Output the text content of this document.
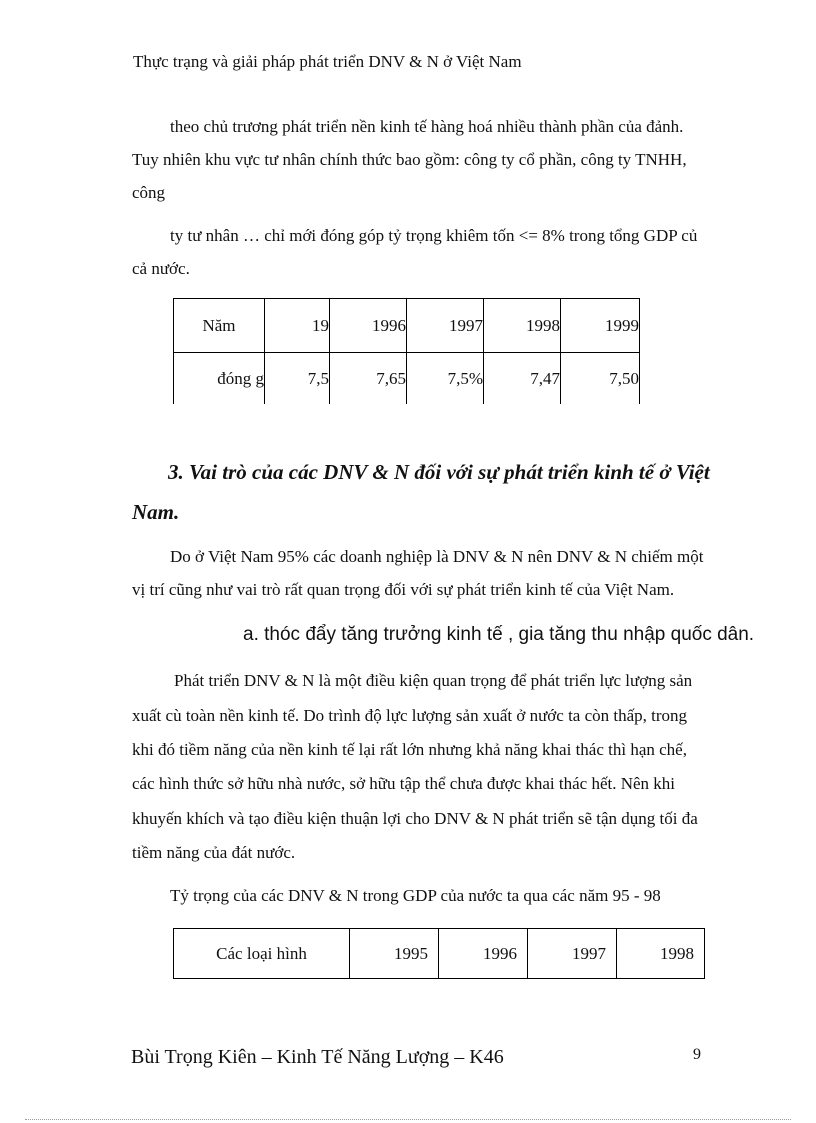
Thực trạng và giải pháp phát triển DNV & N ở Việt Nam
theo chủ trương phát triển nền kinh tế hàng hoá nhiều thành phần của đảnh.
Tuy nhiên khu vực tư nhân chính thức bao gồm: công ty cổ phần, công ty TNHH,
công
ty tư nhân … chỉ mới đóng góp tỷ trọng khiêm tốn <= 8% trong tổng GDP củ
cả nước.
Năm	19	1996	1997	1998	1999
đóng g	7,5	7,65	7,5%	7,47	7,50
3. Vai trò của các DNV & N đối với sự phát triển kinh tế ở Việt
Nam.
Do ở Việt Nam 95% các doanh nghiệp là DNV & N nên DNV & N chiếm một
vị trí cũng như vai trò rất quan trọng đối với sự phát triển kinh tế của Việt Nam.
a. thóc đẩy tăng trưởng kinh tế , gia tăng thu nhập quốc dân.
Phát triển DNV & N là một điều kiện quan trọng để phát triển lực lượng sản
xuất cù toàn nền kinh tế. Do trình độ lực lượng sản xuất ở nước ta còn thấp, trong
khi đó tiềm năng của nền kinh tế lại rất lớn nhưng khả năng khai thác thì hạn chế,
các hình thức sở hữu nhà nước, sở hữu tập thể chưa được khai thác hết. Nên khi
khuyến khích và tạo điều kiện thuận lợi cho DNV & N phát triển sẽ tận dụng tối đa
tiềm năng của đát nước.
Tỷ trọng của các DNV & N trong GDP của nước ta qua các năm 95 - 98
Các loại hình	1995	1996	1997	1998
Bùi Trọng Kiên – Kinh Tế Năng Lượng – K46	9
